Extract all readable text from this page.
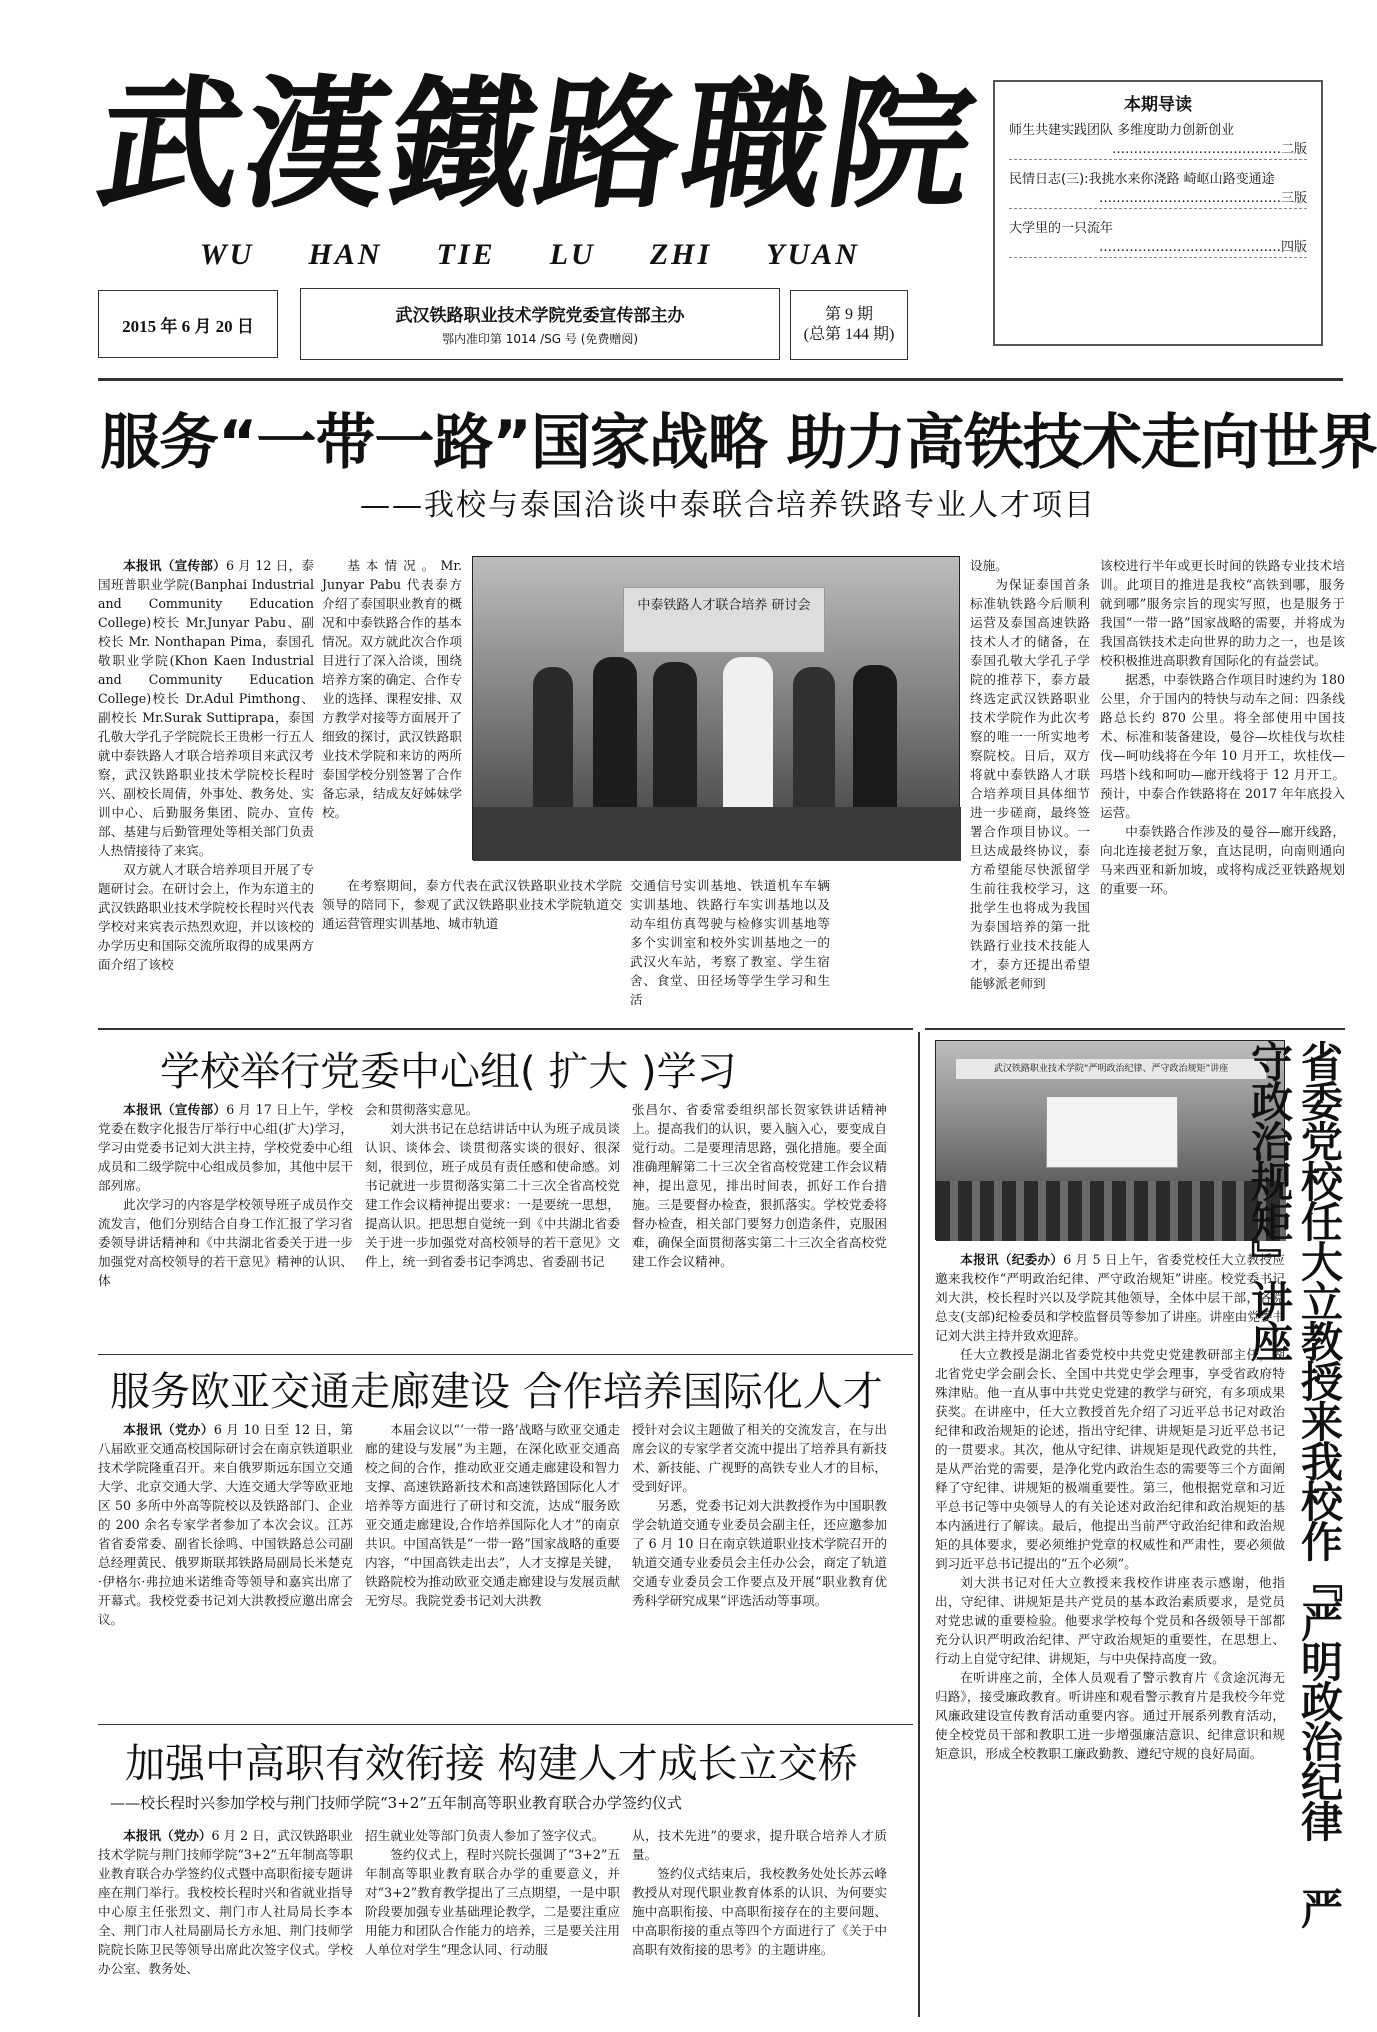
武漢鐵路職院
WU HAN TIE LU ZHI YUAN
2015 年 6 月 20 日	武汉铁路职业技术学院党委宣传部主办
鄂内准印第 1014 /SG 号 (免费赠阅)
第 9 期
(总第 144 期)
本期导读
师生共建实践团队 多维度助力创新创业
…………………………………二版
民情日志(三):我挑水来你浇路 崎岖山路变通途
……………………………………三版
大学里的一只流年
……………………………………四版
服务“一带一路”国家战略 助力高铁技术走向世界
——我校与泰国洽谈中泰联合培养铁路专业人才项目

本报讯（宣传部）6 月 12 日，泰国班普职业学院(Banphai Industrial and Community Education College)校长 Mr.Junyar Pabu、副校长 Mr. Nonthapan Pima，泰国孔敬职业学院(Khon Kaen Industrial and Community Education College)校长 Dr.Adul Pimthong、副校长 Mr.Surak Suttiprapa，泰国孔敬大学孔子学院院长王贵彬一行五人就中泰铁路人才联合培养项目来武汉考察，武汉铁路职业技术学院校长程时兴、副校长周倩，外事处、教务处、实训中心、后勤服务集团、院办、宣传部、基建与后勤管理处等相关部门负责人热情接待了来宾。

双方就人才联合培养项目开展了专题研讨会。在研讨会上，作为东道主的武汉铁路职业技术学院校长程时兴代表学校对来宾表示热烈欢迎，并以该校的办学历史和国际交流所取得的成果两方面介绍了该校

中泰铁路人才联合培养 研讨会

基本情况。Mr. Junyar Pabu 代表泰方介绍了泰国职业教育的概况和中泰铁路合作的基本情况。双方就此次合作项目进行了深入洽谈，围绕培养方案的确定、合作专业的选择、课程安排、双方教学对接等方面展开了细致的探讨，武汉铁路职业技术学院和来访的两所泰国学校分别签署了合作备忘录，结成友好姊妹学校。

在考察期间，泰方代表在武汉铁路职业技术学院领导的陪同下，参观了武汉铁路职业技术学院轨道交通运营管理实训基地、城市轨道

交通信号实训基地、铁道机车车辆实训基地、铁路行车实训基地以及动车组仿真驾驶与检修实训基地等多个实训室和校外实训基地之一的武汉火车站，考察了教室、学生宿舍、食堂、田径场等学生学习和生活

设施。

为保证泰国首条标准轨铁路今后顺利运营及泰国高速铁路技术人才的储备，在泰国孔敬大学孔子学院的推荐下，泰方最终选定武汉铁路职业技术学院作为此次考察的唯一一所实地考察院校。日后，双方将就中泰铁路人才联合培养项目具体细节进一步磋商，最终签署合作项目协议。一旦达成最终协议，泰方希望能尽快派留学生前往我校学习，这批学生也将成为我国为泰国培养的第一批铁路行业技术技能人才，泰方还提出希望能够派老师到

该校进行半年或更长时间的铁路专业技术培训。此项目的推进是我校“高铁到哪，服务就到哪”服务宗旨的现实写照，也是服务于我国“一带一路”国家战略的需要，并将成为我国高铁技术走向世界的助力之一，也是该校积极推进高职教育国际化的有益尝试。

据悉，中泰铁路合作项目时速约为 180 公里，介于国内的特快与动车之间：四条线路总长约 870 公里。将全部使用中国技术、标准和装备建设，曼谷—坎桂伐与坎桂伐—呵叻线将在今年 10 月开工，坎桂伐—玛塔卜线和呵叻—廊开线将于 12 月开工。预计，中泰合作铁路将在 2017 年年底投入运营。

中泰铁路合作涉及的曼谷—廊开线路，向北连接老挝万象，直达昆明，向南则通向马来西亚和新加坡，或将构成泛亚铁路规划的重要一环。

学校举行党委中心组( 扩大 )学习

本报讯（宣传部）6 月 17 日上午，学校党委在数字化报告厅举行中心组(扩大)学习，学习由党委书记刘大洪主持，学校党委中心组成员和二级学院中心组成员参加，其他中层干部列席。

此次学习的内容是学校领导班子成员作交流发言，他们分别结合自身工作汇报了学习省委领导讲话精神和《中共湖北省委关于进一步加强党对高校领导的若干意见》精神的认识、体

会和贯彻落实意见。

刘大洪书记在总结讲话中认为班子成员谈认识、谈体会、谈贯彻落实谈的很好、很深刻，很到位，班子成员有责任感和使命感。刘书记就进一步贯彻落实第二十三次全省高校党建工作会议精神提出要求：一是要统一思想，提高认识。把思想自觉统一到《中共湖北省委关于进一步加强党对高校领导的若干意见》文件上，统一到省委书记李鸿忠、省委副书记

张昌尔、省委常委组织部长贺家铁讲话精神上。提高我们的认识，要入脑入心，要变成自觉行动。二是要理清思路，强化措施。要全面准确理解第二十三次全省高校党建工作会议精神，提出意见，排出时间表，抓好工作台措施。三是要督办检查，狠抓落实。学校党委将督办检查，相关部门要努力创造条件，克服困难，确保全面贯彻落实第二十三次全省高校党建工作会议精神。

服务欧亚交通走廊建设 合作培养国际化人才

本报讯（党办）6 月 10 日至 12 日，第八届欧亚交通高校国际研讨会在南京铁道职业技术学院隆重召开。来自俄罗斯远东国立交通大学、北京交通大学、大连交通大学等欧亚地区 50 多所中外高等院校以及铁路部门、企业的 200 余名专家学者参加了本次会议。江苏省省委常委、副省长徐鸣、中国铁路总公司副总经理黄民、俄罗斯联邦铁路局副局长米楚克·伊格尔·弗拉迪米诺维奇等领导和嘉宾出席了开幕式。我校党委书记刘大洪教授应邀出席会议。

本届会议以“‘一带一路’战略与欧亚交通走廊的建设与发展”为主题，在深化欧亚交通高校之间的合作，推动欧亚交通走廊建设和智力支撑、高速铁路新技术和高速铁路国际化人才培养等方面进行了研讨和交流，达成“服务欧亚交通走廊建设,合作培养国际化人才”的南京共识。中国高铁是“一带一路”国家战略的重要内容，“中国高铁走出去”，人才支撑是关键，铁路院校为推动欧亚交通走廊建设与发展贡献无穷尽。我院党委书记刘大洪教

授针对会议主题做了相关的交流发言，在与出席会议的专家学者交流中提出了培养具有新技术、新技能、广视野的高铁专业人才的目标，受到好评。

另悉，党委书记刘大洪教授作为中国职教学会轨道交通专业委员会副主任，还应邀参加了 6 月 10 日在南京铁道职业技术学院召开的轨道交通专业委员会主任办公会，商定了轨道交通专业委员会工作要点及开展“职业教育优秀科学研究成果”评选活动等事项。

加强中高职有效衔接 构建人才成长立交桥
——校长程时兴参加学校与荆门技师学院“3+2”五年制高等职业教育联合办学签约仪式

本报讯（党办）6 月 2 日，武汉铁路职业技术学院与荆门技师学院“3+2”五年制高等职业教育联合办学签约仪式暨中高职衔接专题讲座在荆门举行。我校校长程时兴和省就业指导中心原主任张烈文、荆门市人社局局长李本全、荆门市人社局副局长方永旭、荆门技师学院院长陈卫民等领导出席此次签字仪式。学校办公室、教务处、

招生就业处等部门负责人参加了签字仪式。

签约仪式上，程时兴院长强调了“3+2”五年制高等职业教育联合办学的重要意义，并对“3+2”教育教学提出了三点期望，一是中职阶段要加强专业基础理论教学，二是要注重应用能力和团队合作能力的培养，三是要关注用人单位对学生“理念认同、行动服

从，技术先进”的要求，提升联合培养人才质量。

签约仪式结束后，我校教务处处长苏云峰教授从对现代职业教育体系的认识、为何要实施中高职衔接、中高职衔接存在的主要问题、中高职衔接的重点等四个方面进行了《关于中高职有效衔接的思考》的主题讲座。

武汉铁路职业技术学院“严明政治纪律、严守政治规矩”讲座	省委党校任大立教授来我校作『严明政治纪律 严守政治规矩』讲座

本报讯（纪委办）6 月 5 日上午，省委党校任大立教授应邀来我校作“严明政治纪律、严守政治规矩”讲座。校党委书记刘大洪，校长程时兴以及学院其他领导，全体中层干部，各党总支(支部)纪检委员和学校监督员等参加了讲座。讲座由党委书记刘大洪主持并致欢迎辞。

任大立教授是湖北省委党校中共党史党建教研部主任，湖北省党史学会副会长、全国中共党史学会理事，享受省政府特殊津贴。他一直从事中共党史党建的教学与研究，有多项成果获奖。在讲座中，任大立教授首先介绍了习近平总书记对政治纪律和政治规矩的论述，指出守纪律、讲规矩是习近平总书记的一贯要求。其次，他从守纪律、讲规矩是现代政党的共性，是从严治党的需要，是净化党内政治生态的需要等三个方面阐释了守纪律、讲规矩的极端重要性。第三，他根据党章和习近平总书记等中央领导人的有关论述对政治纪律和政治规矩的基本内涵进行了解读。最后，他提出当前严守政治纪律和政治规矩的具体要求，要必须维护党章的权威性和严肃性，要必须做到习近平总书记提出的“五个必须”。

刘大洪书记对任大立教授来我校作讲座表示感谢，他指出，守纪律、讲规矩是共产党员的基本政治素质要求，是党员对党忠诚的重要检验。他要求学校每个党员和各级领导干部都充分认识严明政治纪律、严守政治规矩的重要性，在思想上、行动上自觉守纪律、讲规矩，与中央保持高度一致。

在听讲座之前，全体人员观看了警示教育片《贪途沉海无归路》，接受廉政教育。听讲座和观看警示教育片是我校今年党风廉政建设宣传教育活动重要内容。通过开展系列教育活动，使全校党员干部和教职工进一步增强廉洁意识、纪律意识和规矩意识，形成全校教职工廉政勤教、遵纪守规的良好局面。
